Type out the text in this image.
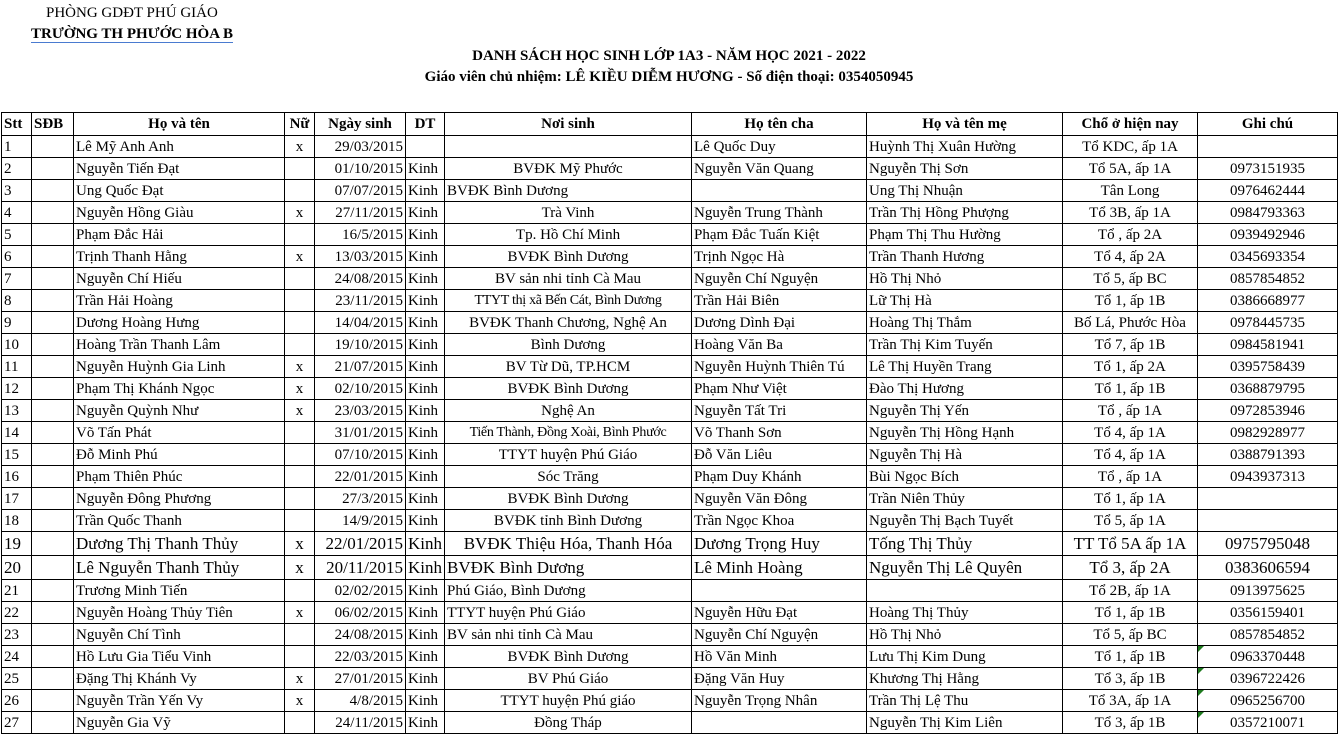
PHÒNG GDĐT PHÚ GIÁO
TRƯỜNG TH PHƯỚC HÒA B
DANH SÁCH HỌC SINH LỚP 1A3 - NĂM HỌC 2021 - 2022
Giáo viên chủ nhiệm: LÊ KIỀU DIỄM HƯƠNG - Số điện thoại: 0354050945
Stt	SĐB	Họ và tên	Nữ	Ngày sinh	DT	Nơi sinh	Họ tên cha	Họ và tên mẹ	Chổ ở hiện nay	Ghi chú
1		Lê Mỹ Anh Anh	x	29/03/2015			Lê Quốc Duy	Huỳnh Thị Xuân Hường	Tổ KDC, ấp 1A	
2		Nguyễn Tiến Đạt		01/10/2015	Kinh	BVĐK Mỹ Phước	Nguyễn Văn Quang	Nguyễn Thị Sơn	Tổ 5A, ấp 1A	0973151935
3		Ung Quốc Đạt		07/07/2015	Kinh	BVĐK Bình Dương		Ung Thị Nhuận	Tân Long	0976462444
4		Nguyễn Hồng Giàu	x	27/11/2015	Kinh	Trà Vinh	Nguyễn Trung Thành	Trần Thị Hồng Phượng	Tổ 3B, ấp 1A	0984793363
5		Phạm Đắc Hải		16/5/2015	Kinh	Tp. Hồ Chí Minh	Phạm Đắc Tuấn Kiệt	Phạm Thị Thu Hường	Tổ , ấp 2A	0939492946
6		Trịnh Thanh Hằng	x	13/03/2015	Kinh	BVĐK Bình Dương	Trịnh Ngọc Hà	Trần Thanh Hương	Tổ 4, ấp 2A	0345693354
7		Nguyễn Chí Hiếu		24/08/2015	Kinh	BV sản nhi tỉnh Cà Mau	Nguyễn Chí Nguyện	Hồ Thị Nhỏ	Tổ 5, ấp BC	0857854852
8		Trần Hải Hoàng		23/11/2015	Kinh	TTYT thị xã Bến Cát, Bình Dương	Trần Hải Biên	Lữ Thị Hà	Tổ 1, ấp 1B	0386668977
9		Dương Hoàng Hưng		14/04/2015	Kinh	BVĐK Thanh Chương, Nghệ An	Dương Dình Đại	Hoàng Thị Thắm	Bố Lá, Phước Hòa	0978445735
10		Hoàng Trần Thanh Lâm		19/10/2015	Kinh	Bình Dương	Hoàng Văn Ba	Trần Thị Kim Tuyến	Tổ 7, ấp 1B	0984581941
11		Nguyễn Huỳnh Gia Linh	x	21/07/2015	Kinh	BV Từ Dũ, TP.HCM	Nguyễn Huỳnh Thiên Tú	Lê Thị Huyền Trang	Tổ 1, ấp 2A	0395758439
12		Phạm Thị Khánh Ngọc	x	02/10/2015	Kinh	BVĐK Bình Dương	Phạm Như Việt	Đào Thị Hương	Tổ 1, ấp 1B	0368879795
13		Nguyễn Quỳnh Như	x	23/03/2015	Kinh	Nghệ An	Nguyễn Tất Tri	Nguyễn Thị Yến	Tổ , ấp 1A	0972853946
14		Võ Tấn Phát		31/01/2015	Kinh	Tiến Thành, Đồng Xoài, Bình Phước	Võ Thanh Sơn	Nguyễn Thị Hồng Hạnh	Tổ 4, ấp 1A	0982928977
15		Đỗ Minh Phú		07/10/2015	Kinh	TTYT huyện Phú Giáo	Đỗ Văn Liêu	Nguyễn Thị Hà	Tổ 4, ấp 1A	0388791393
16		Phạm Thiên Phúc		22/01/2015	Kinh	Sóc Trăng	Phạm Duy Khánh	Bùi Ngọc Bích	Tổ , ấp 1A	0943937313
17		Nguyễn Đông Phương		27/3/2015	Kinh	BVĐK Bình Dương	Nguyễn Văn Đông	Trần Niên Thủy	Tổ 1, ấp 1A	
18		Trần Quốc Thanh		14/9/2015	Kinh	BVĐK tỉnh Bình Dương	Trần Ngọc Khoa	Nguyễn Thị Bạch Tuyết	Tổ 5, ấp 1A	
19		Dương Thị Thanh Thủy	x	22/01/2015	Kinh	BVĐK Thiệu Hóa, Thanh Hóa	Dương Trọng Huy	Tống Thị Thủy	TT Tổ 5A ấp 1A	0975795048
20		Lê Nguyễn Thanh Thủy	x	20/11/2015	Kinh	BVĐK Bình Dương	Lê Minh Hoàng	Nguyễn Thị Lê Quyên	Tổ 3, ấp 2A	0383606594
21		Trương Minh Tiến		02/02/2015	Kinh	Phú Giáo, Bình Dương			Tổ 2B, ấp 1A	0913975625
22		Nguyễn Hoàng Thủy Tiên	x	06/02/2015	Kinh	TTYT huyện Phú Giáo	Nguyễn Hữu Đạt	Hoàng Thị Thủy	Tổ 1, ấp 1B	0356159401
23		Nguyễn Chí Tình		24/08/2015	Kinh	BV sản nhi tỉnh Cà Mau	Nguyễn Chí Nguyện	Hồ Thị Nhỏ	Tổ 5, ấp BC	0857854852
24		Hồ Lưu Gia Tiểu Vinh		22/03/2015	Kinh	BVĐK Bình Dương	Hồ Văn Minh	Lưu Thị Kim Dung	Tổ 1, ấp 1B	0963370448
25		Đặng Thị Khánh Vy	x	27/01/2015	Kinh	BV Phú Giáo	Đặng Văn Huy	Khương Thị Hằng	Tổ 3, ấp 1B	0396722426
26		Nguyễn Trần Yến Vy	x	4/8/2015	Kinh	TTYT huyện Phú giáo	Nguyễn Trọng Nhân	Trần Thị Lệ Thu	Tổ 3A, ấp 1A	0965256700
27		Nguyễn Gia Vỹ		24/11/2015	Kinh	Đồng Tháp		Nguyễn Thị Kim Liên	Tổ 3, ấp 1B	0357210071
